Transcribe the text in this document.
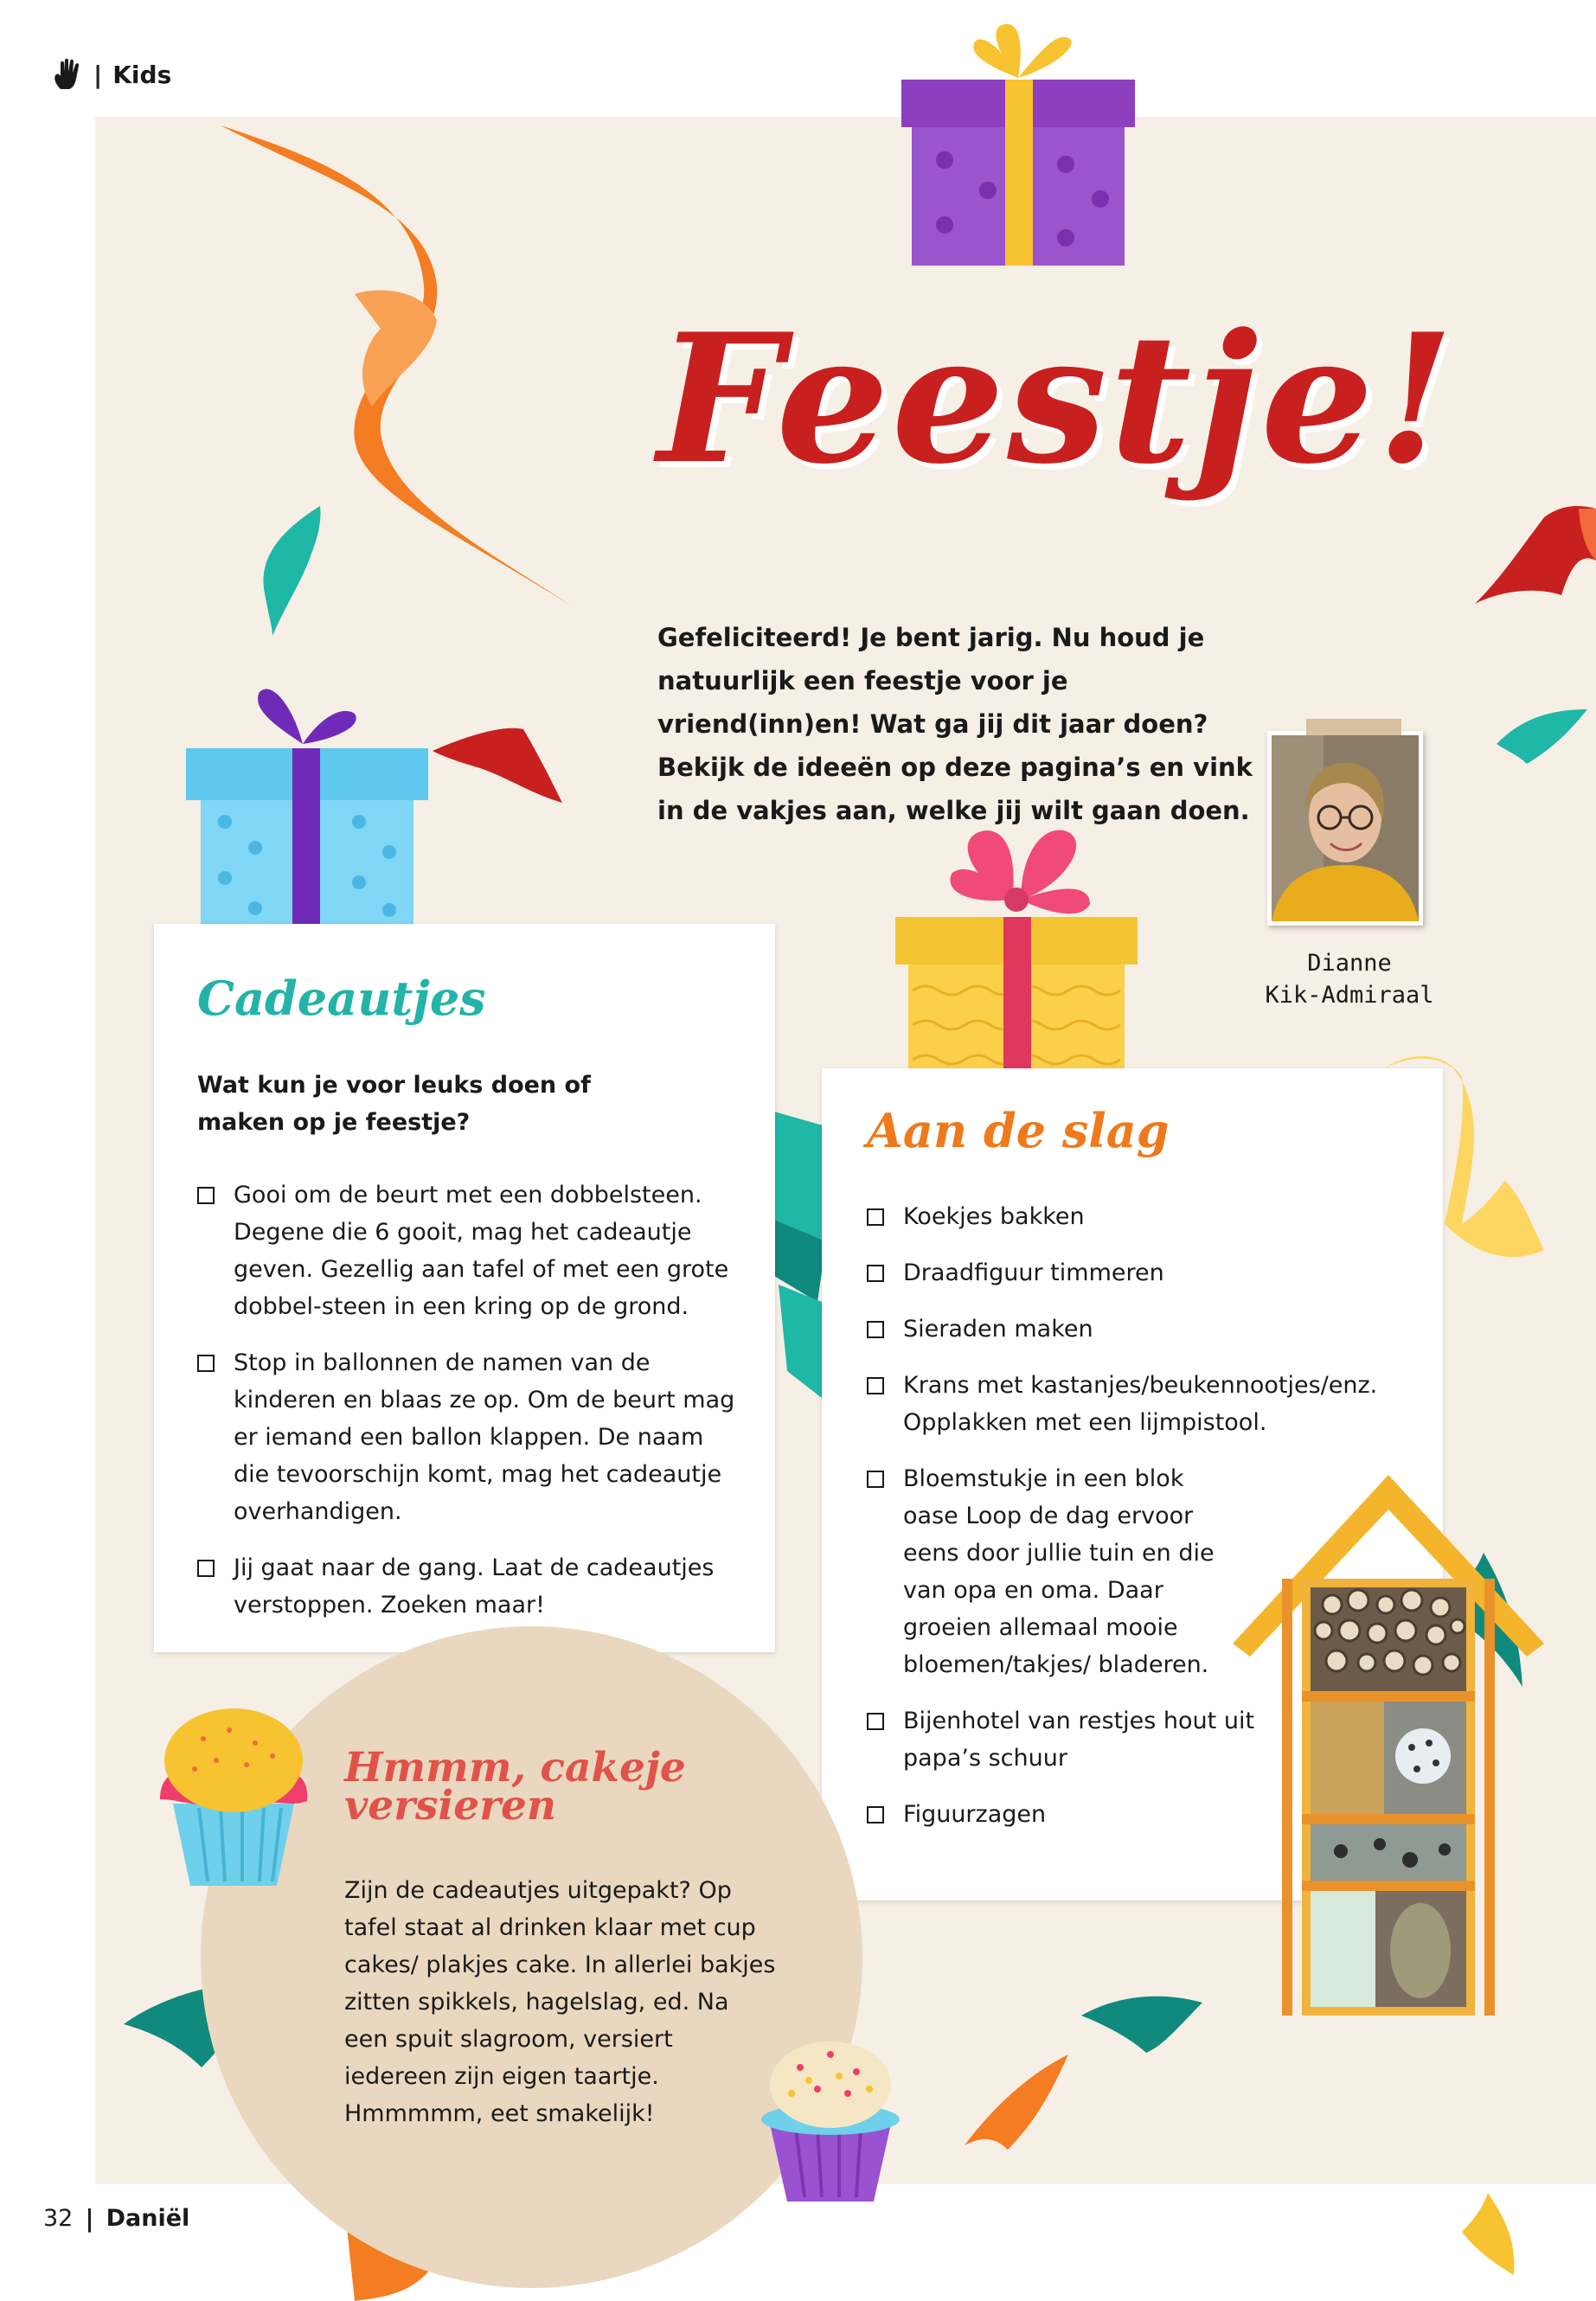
| Kids
Feestje!

Gefeliciteerd! Je bent jarig. Nu houd je natuurlijk een feestje voor je vriend(inn)en! Wat ga jij dit jaar doen? Bekijk de ideeën op deze pagina’s en vink in de vakjes aan, welke jij wilt gaan doen.

Dianne
Kik-Admiraal

Cadeautjes

Wat kun je voor leuks doen of maken op je feestje?

Gooi om de beurt met een dobbelsteen. Degene die 6 gooit, mag het cadeautje geven. Gezellig aan tafel of met een grote dobbel-steen in een kring op de grond.
Stop in ballonnen de namen van de kinderen en blaas ze op. Om de beurt mag er iemand een ballon klappen. De naam die tevoorschijn komt, mag het cadeautje overhandigen.
Jij gaat naar de gang. Laat de cadeautjes verstoppen. Zoeken maar!
Aan de slag
Koekjes bakken
Draadfiguur timmeren
Sieraden maken
Krans met kastanjes/beukennootjes/enz. Opplakken met een lijmpistool.
Bloemstukje in een blok oase Loop de dag ervoor eens door jullie tuin en die van opa en oma. Daar groeien allemaal mooie bloemen/takjes/ bladeren.
Bijenhotel van restjes hout uit papa’s schuur
Figuurzagen
Hmmm, cakeje versieren

Zijn de cadeautjes uitgepakt? Op tafel staat al drinken klaar met cup cakes/ plakjes cake. In allerlei bakjes zitten spikkels, hagelslag, ed. Na een spuit slagroom, versiert iedereen zijn eigen taartje. Hmmmmm, eet smakelijk!

32 | Daniël
